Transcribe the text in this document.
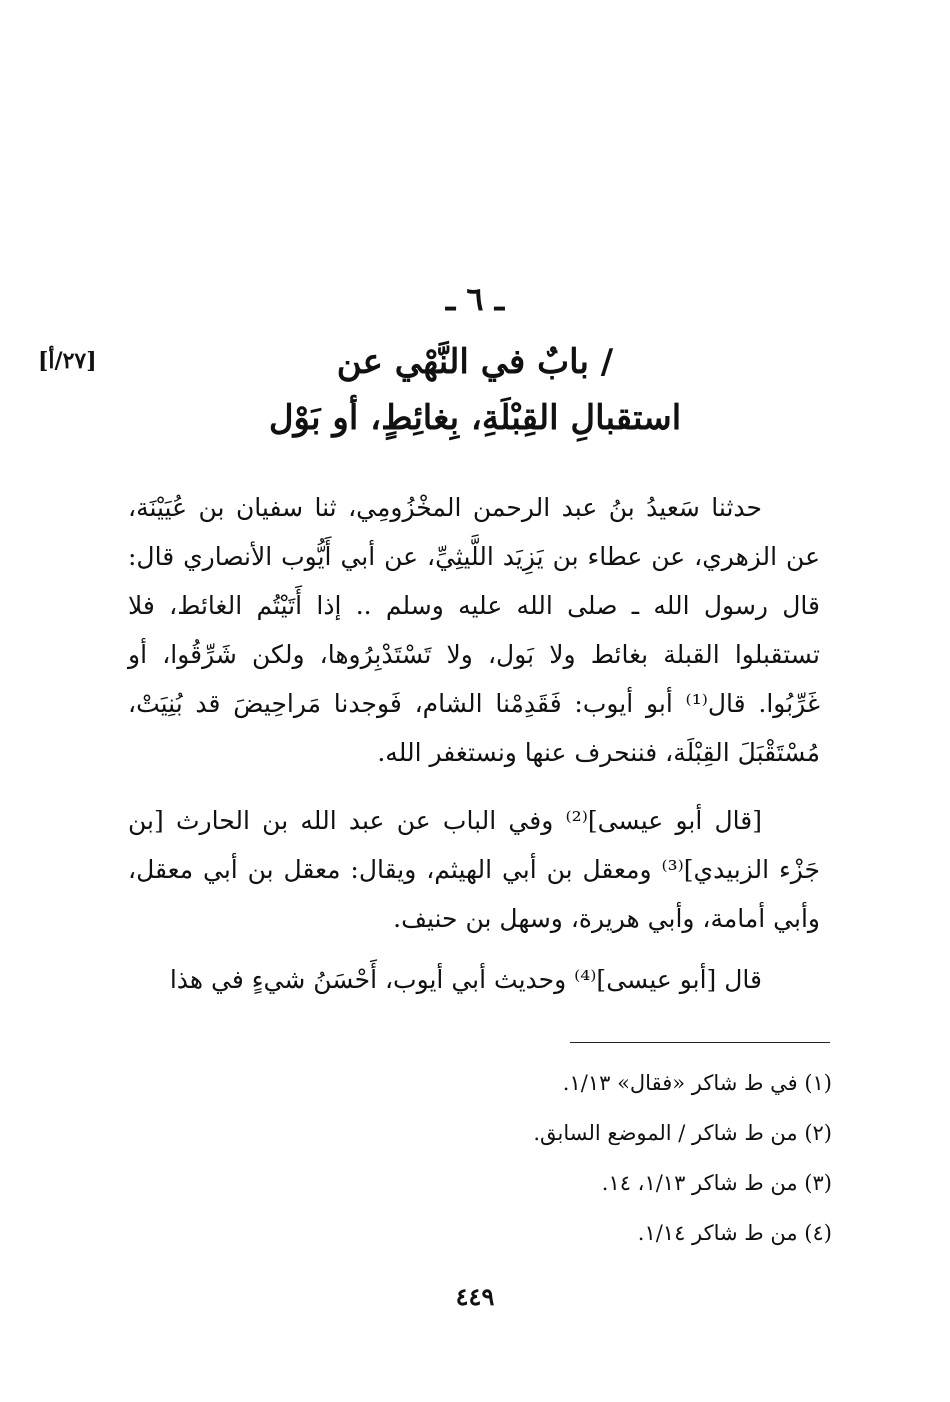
ـ ٦ ـ
[٢٧/أ]	/ بابٌ في النَّهْي عن
استقبالِ القِبْلَةِ، بِغائِطٍ، أو بَوْل

حدثنا سَعيدُ بنُ عبد الرحمن المخْزُومِي، ثنا سفيان بن عُيَيْنَة، عن الزهري، عن عطاء بن يَزِيَد اللَّيثِيِّ، عن أبي أَيُّوب الأنصاري قال: قال رسول الله ـ صلى الله عليه وسلم .. إذا أَتَيْتُم الغائط، فلا تستقبلوا القبلة بغائط ولا بَول، ولا تَسْتَدْبِرُوها، ولكن شَرِّقُوا، أو غَرِّبُوا. قال⁽¹⁾ أبو أيوب: فَقَدِمْنا الشام، فَوجدنا مَراحِيضَ قد بُنِيَتْ، مُسْتَقْبَلَ القِبْلَة، فننحرف عنها ونستغفر الله.

[قال أبو عيسى]⁽²⁾ وفي الباب عن عبد الله بن الحارث [بن جَزْء الزبيدي]⁽³⁾ ومعقل بن أبي الهيثم، ويقال: معقل بن أبي معقل، وأبي أمامة، وأبي هريرة، وسهل بن حنيف.

قال [أبو عيسى]⁽⁴⁾ وحديث أبي أيوب، أَحْسَنُ شيءٍ في هذا

(١) في ط شاكر «فقال» ١/١٣.
(٢) من ط شاكر / الموضع السابق.
(٣) من ط شاكر ١/١٣، ١٤.
(٤) من ط شاكر ١/١٤.
٤٤٩
